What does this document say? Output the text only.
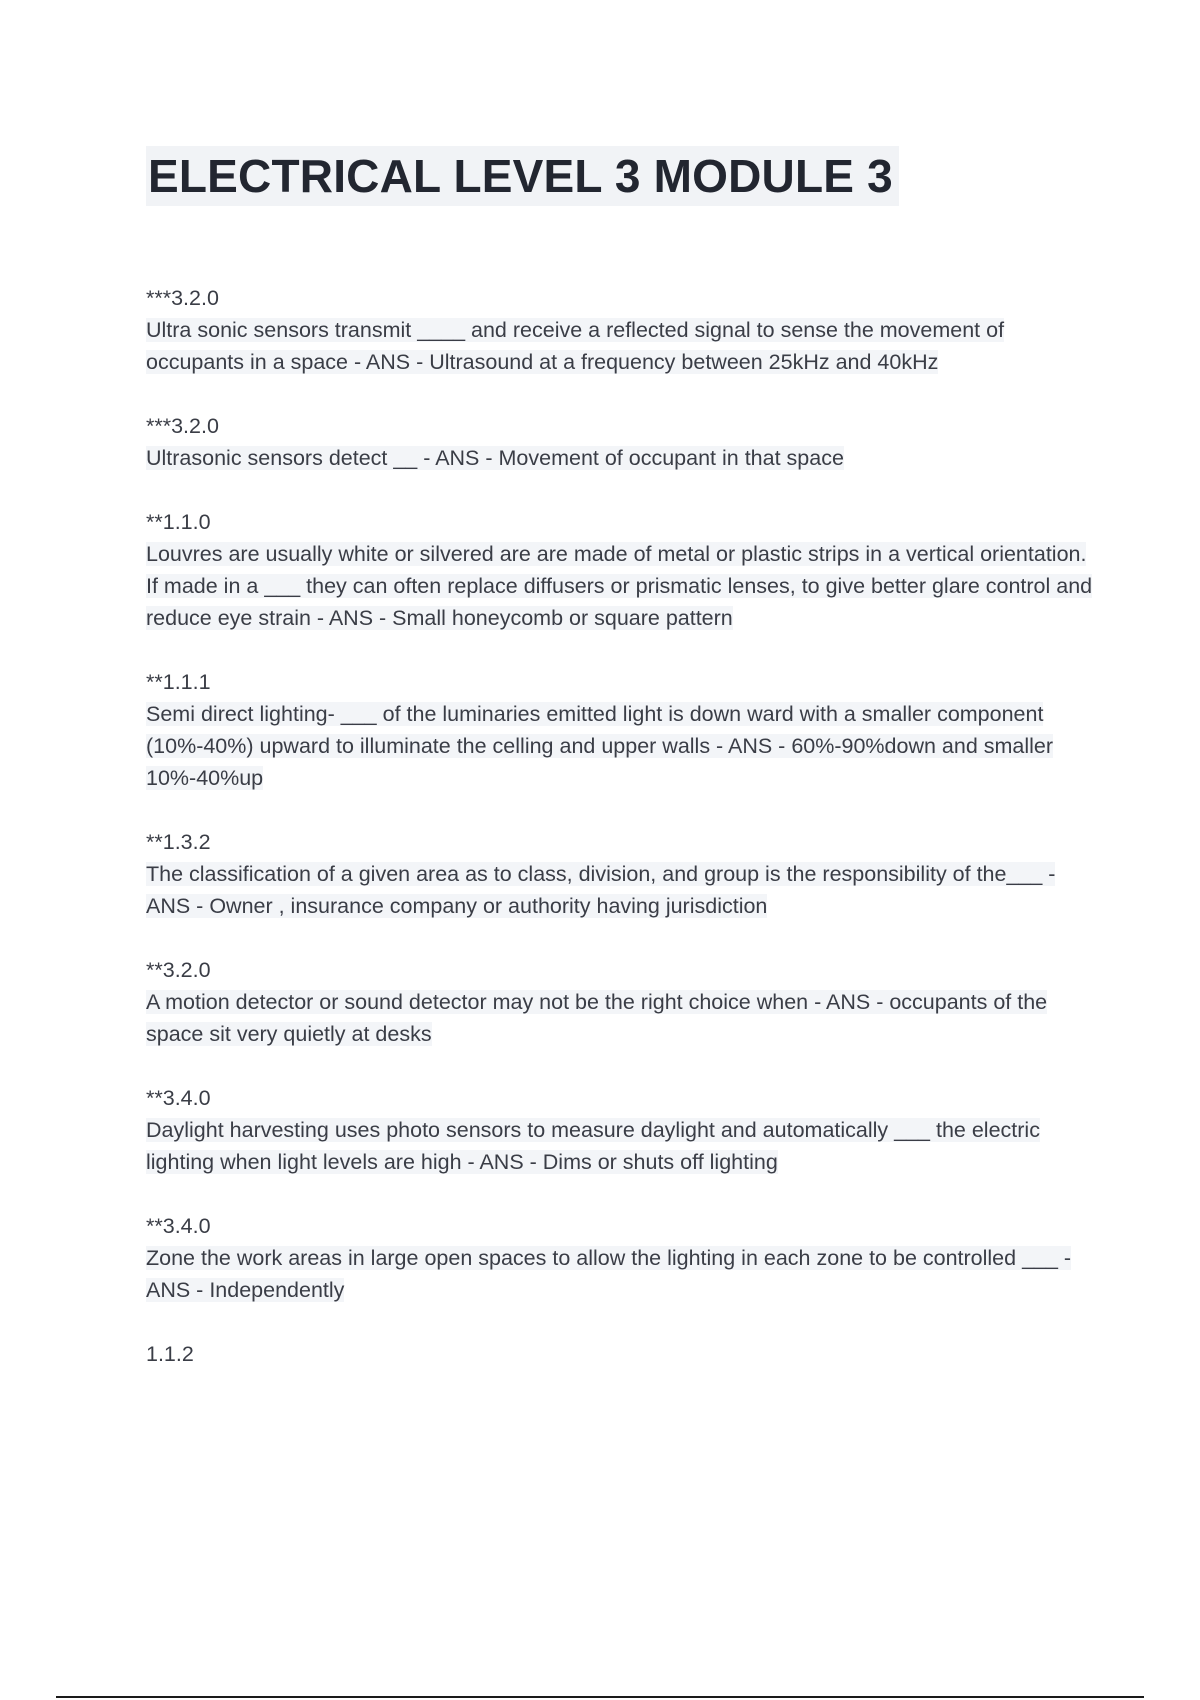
ELECTRICAL LEVEL 3 MODULE 3
***3.2.0

Ultra sonic sensors transmit ____ and receive a reflected signal to sense the movement of occupants in a space - ANS - Ultrasound at a frequency between 25kHz and 40kHz

***3.2.0

Ultrasonic sensors detect __ - ANS - Movement of occupant in that space

**1.1.0

Louvres are usually white or silvered are are made of metal or plastic strips in a vertical orientation. If made in a ___ they can often replace diffusers or prismatic lenses, to give better glare control and reduce eye strain - ANS - Small honeycomb or square pattern

**1.1.1

Semi direct lighting- ___ of the luminaries emitted light is down ward with a smaller component (10%-40%) upward to illuminate the celling and upper walls - ANS - 60%-90%down and smaller 10%-40%up

**1.3.2

The classification of a given area as to class, division, and group is the responsibility of the___ - ANS - Owner , insurance company or authority having jurisdiction

**3.2.0

A motion detector or sound detector may not be the right choice when - ANS - occupants of the space sit very quietly at desks

**3.4.0

Daylight harvesting uses photo sensors to measure daylight and automatically ___ the electric lighting when light levels are high - ANS - Dims or shuts off lighting

**3.4.0

Zone the work areas in large open spaces to allow the lighting in each zone to be controlled ___ - ANS - Independently

1.1.2
